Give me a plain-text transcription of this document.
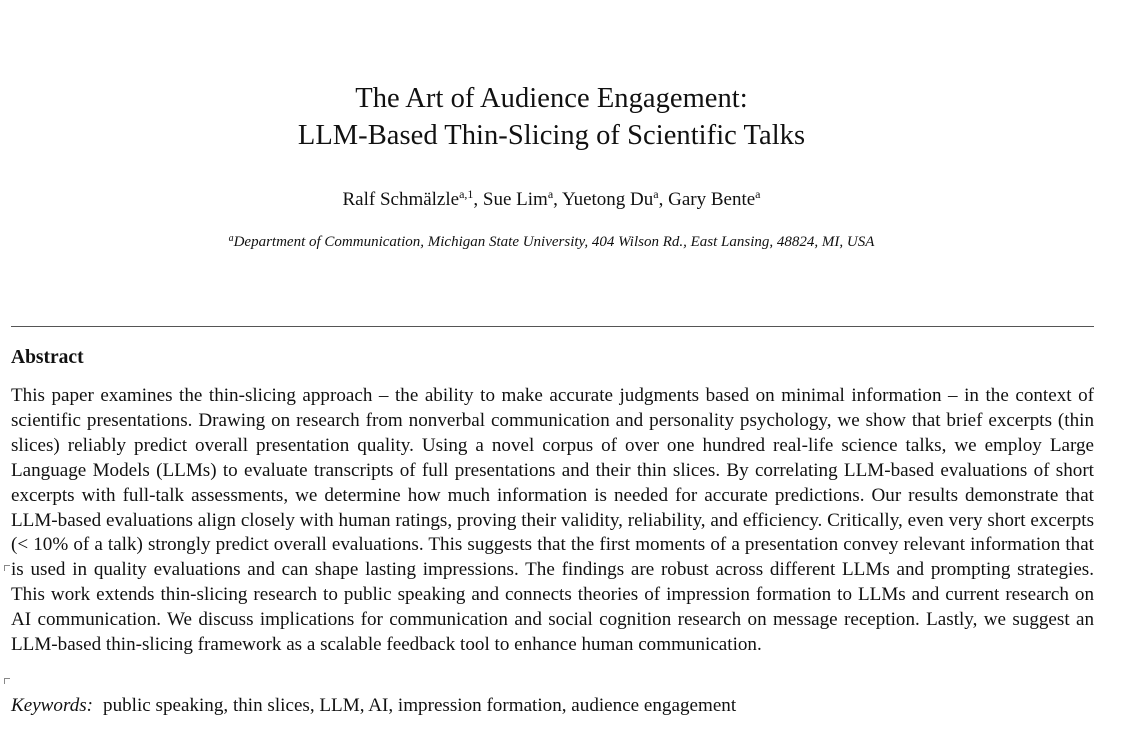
The Art of Audience Engagement:
LLM-Based Thin-Slicing of Scientific Talks
Ralf Schmälzle$^{a,1}$, Sue Lim$^a$, Yuetong Du$^a$, Gary Bente$^a$
$^a$Department of Communication, Michigan State University, 404 Wilson Rd., East Lansing, 48824, MI, USA
Abstract

This paper examines the thin-slicing approach – the ability to make accurate judgments based on minimal information – in the context of scientific presentations. Drawing on research from nonverbal communication and personality psychology, we show that brief excerpts (thin slices) reliably predict overall presentation quality. Using a novel corpus of over one hundred real-life science talks, we employ Large Language Models (LLMs) to evaluate transcripts of full presentations and their thin slices. By correlating LLM-based evaluations of short excerpts with full-talk assessments, we determine how much information is needed for accurate predictions. Our results demonstrate that LLM-based evaluations align closely with human ratings, proving their validity, reliability, and efficiency. Critically, even very short excerpts (< 10% of a talk) strongly predict overall evaluations. This suggests that the first moments of a presentation convey relevant information that is used in quality evaluations and can shape lasting impressions. The findings are robust across different LLMs and prompting strategies. This work extends thin-slicing research to public speaking and connects theories of impression formation to LLMs and current research on AI communication. We discuss implications for communication and social cognition research on message reception. Lastly, we suggest an LLM-based thin-slicing framework as a scalable feedback tool to enhance human communication.

Keywords: public speaking, thin slices, LLM, AI, impression formation, audience engagement
